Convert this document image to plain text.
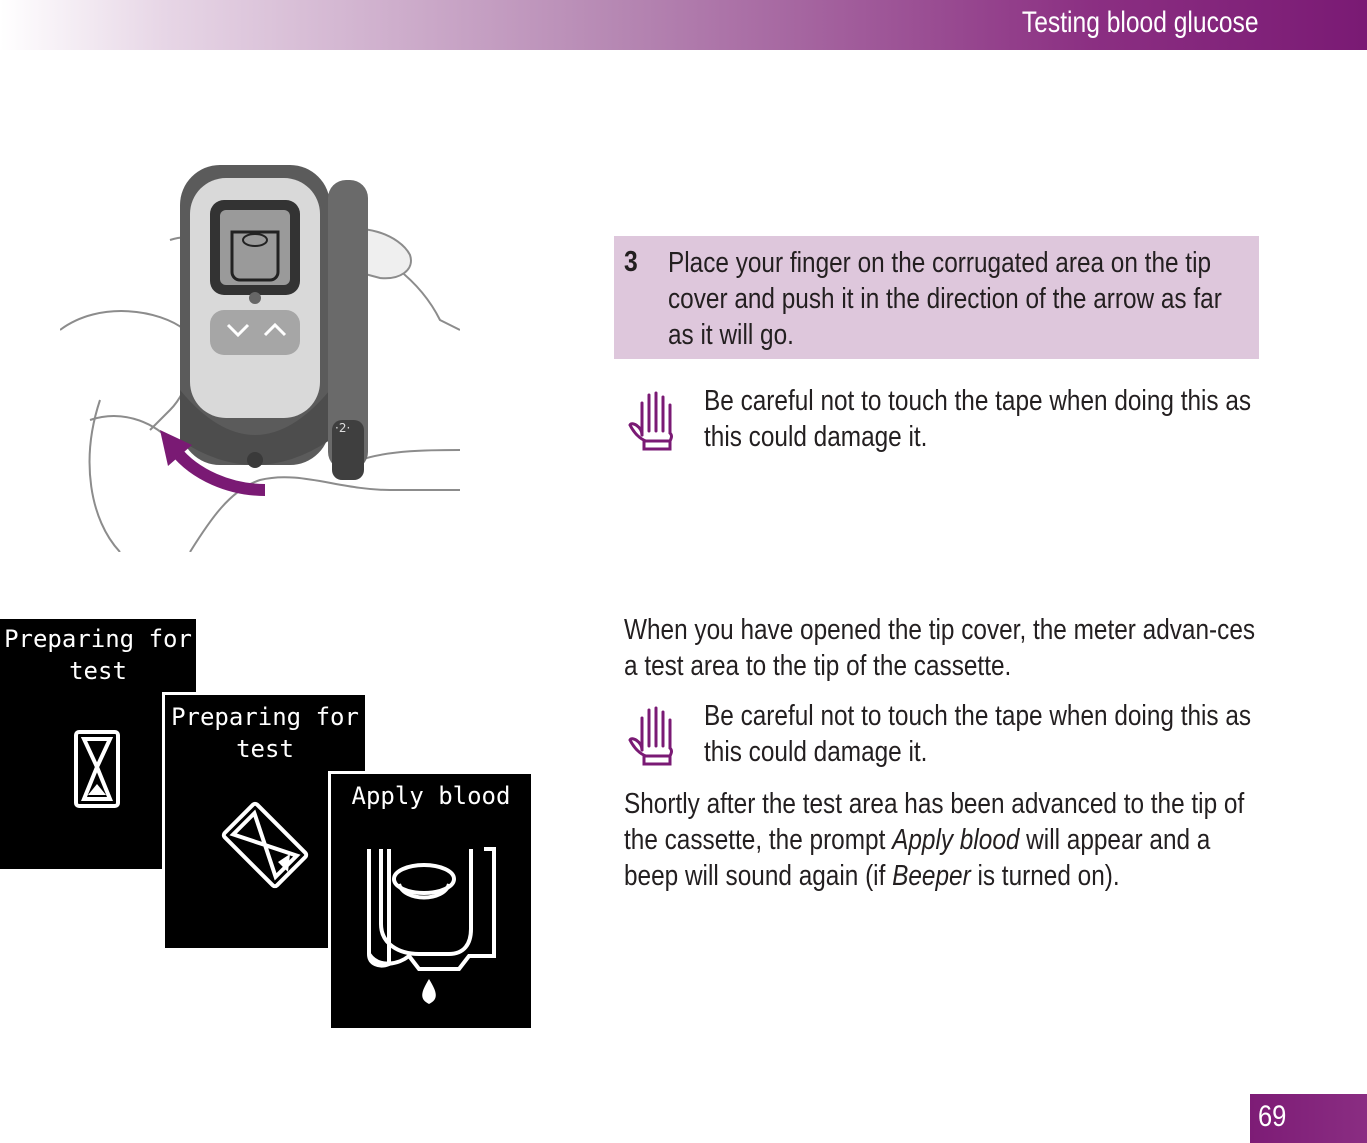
Testing blood glucose
·2·
3 Place your finger on the corrugated area on the tip cover and push it in the direction of the arrow as far as it will go.
Be careful not to touch the tape when doing this as this could damage it.
When you have opened the tip cover, the meter advan-ces a test area to the tip of the cassette.
Be careful not to touch the tape when doing this as this could damage it.
Shortly after the test area has been advanced to the tip of the cassette, the prompt Apply blood will appear and a beep will sound again (if Beeper is turned on).
Preparing for
test
Preparing for
test
Apply blood
69
